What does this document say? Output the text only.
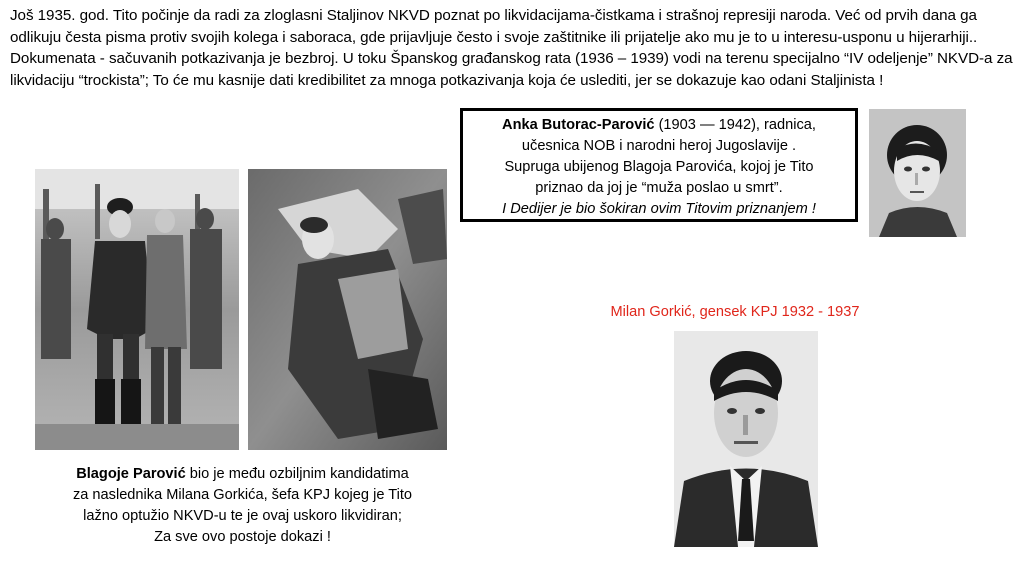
Još 1935. god. Tito počinje da radi za zloglasni Staljinov NKVD poznat po likvidacijama-čistkama i strašnoj represiji naroda. Već od prvih dana ga odlikuju česta pisma protiv svojih kolega i saboraca, gde prijavljuje često i svoje zaštitnike ili prijatelje ako mu je to u interesu-usponu u hijerarhiji.. Dokumenata - sačuvanih potkazivanja je bezbroj. U toku Španskog građanskog rata (1936 – 1939) vodi na terenu specijalno “IV odeljenje” NKVD-a za likvidaciju “trockista”; To će mu kasnije dati kredibilitet za mnoga potkazivanja koja će uslediti, jer se dokazuje kao odani Staljinista !

Anka Butorac-Parović (1903 — 1942), radnica,

učesnica NOB i narodni heroj Jugoslavije .

Supruga ubijenog Blagoja Parovića, kojoj je Tito

priznao da joj je “muža poslao u smrt”.

I Dedijer je bio šokiran ovim Titovim priznanjem !

Milan Gorkić, gensek KPJ 1932 - 1937

Blagoje Parović bio je među ozbiljnim kandidatima

za naslednika Milana Gorkića, šefa KPJ kojeg je Tito

lažno optužio NKVD-u te je ovaj uskoro likvidiran;

Za sve ovo postoje dokazi !
